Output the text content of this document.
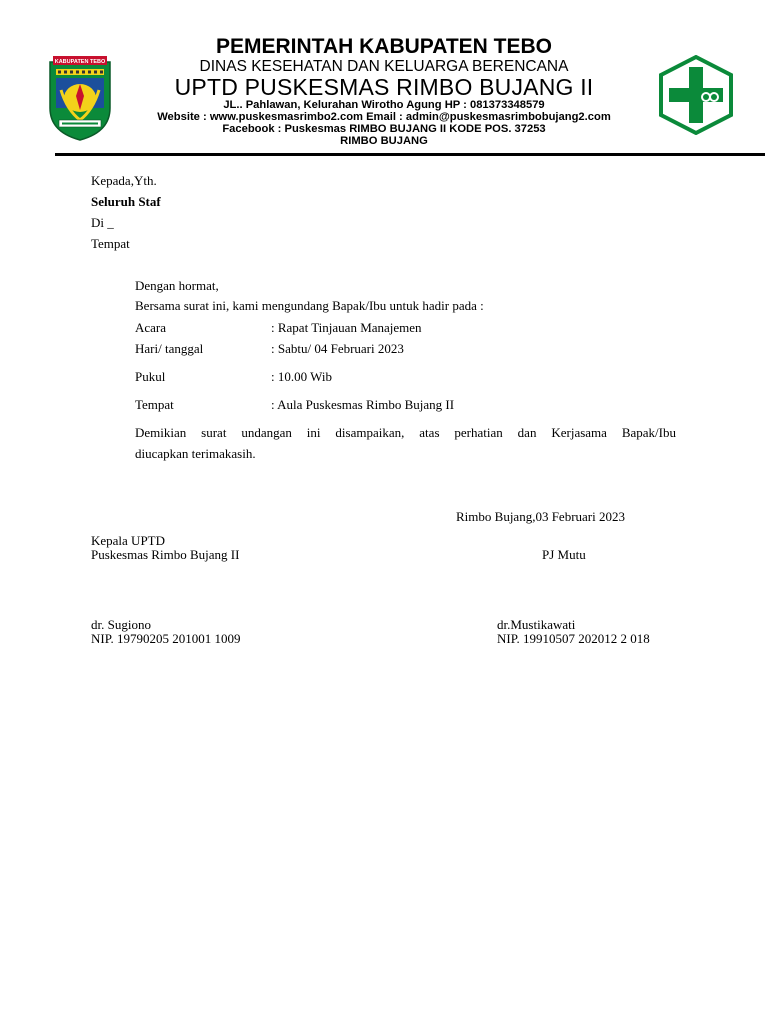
KABUPATEN TEBO
PEMERINTAH KABUPATEN TEBO
DINAS KESEHATAN DAN KELUARGA BERENCANA
UPTD PUSKESMAS RIMBO BUJANG II
JL.. Pahlawan, Kelurahan Wirotho Agung HP : 081373348579
Website : www.puskesmasrimbo2.com Email : admin@puskesmasrimbobujang2.com
Facebook : Puskesmas RIMBO BUJANG II KODE POS. 37253
RIMBO BUJANG
Kepada,Yth.
Seluruh Staf
Di _
Tempat
Dengan hormat,
Bersama surat ini, kami mengundang Bapak/Ibu untuk hadir pada :
Acara	: Rapat Tinjauan Manajemen
Hari/ tanggal	: Sabtu/ 04 Februari 2023
Pukul	: 10.00 Wib
Tempat	: Aula Puskesmas Rimbo Bujang II
Demikian surat undangan ini disampaikan, atas perhatian dan Kerjasama Bapak/Ibu
diucapkan terimakasih.
Rimbo Bujang,03 Februari 2023
Kepala UPTD
Puskesmas Rimbo Bujang II	PJ Mutu
dr. Sugiono
NIP. 19790205 201001 1009
dr.Mustikawati
NIP. 19910507 202012 2 018
